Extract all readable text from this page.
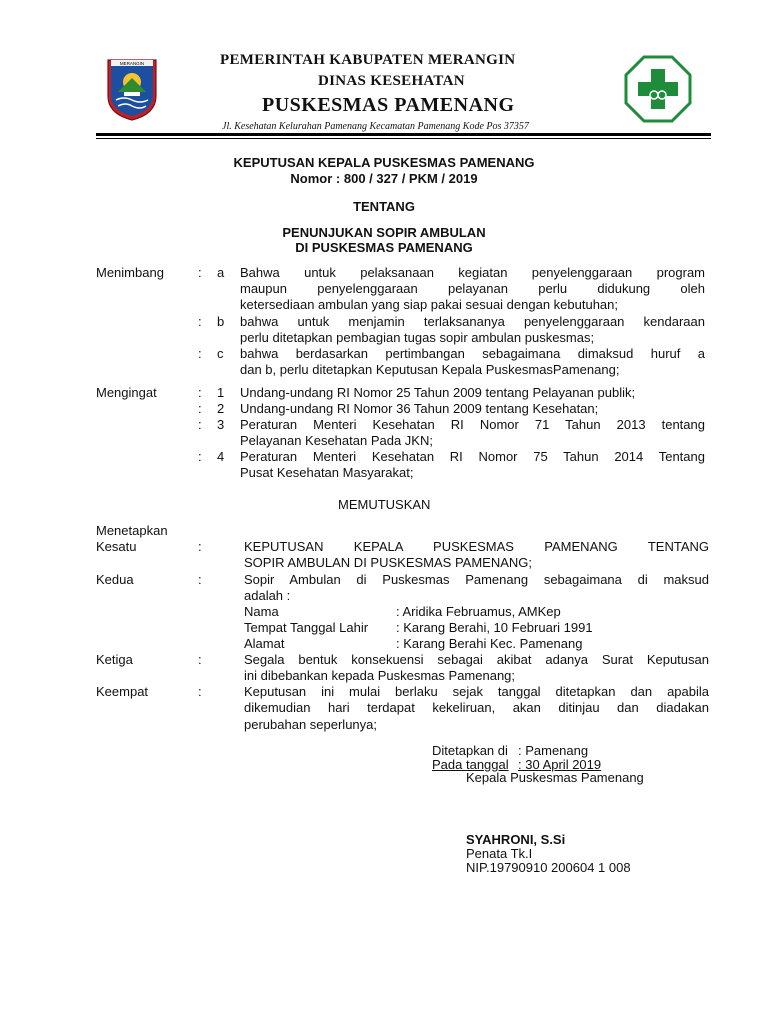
MERANGIN	PEMERINTAH KABUPATEN MERANGIN
DINAS KESEHATAN
PUSKESMAS PAMENANG
Jl. Kesehatan Kelurahan Pamenang Kecamatan Pamenang Kode Pos 37357
KEPUTUSAN KEPALA PUSKESMAS PAMENANG
Nomor : 800 / 327 / PKM / 2019
TENTANG
PENUNJUKAN SOPIR AMBULAN
DI PUSKESMAS PAMENANG
Menimbang	: a Bahwa untuk pelaksanaan kegiatan penyelenggaraan program
maupun penyelenggaraan pelayanan perlu didukung oleh
ketersediaan ambulan yang siap pakai sesuai dengan kebutuhan;
: b bahwa untuk menjamin terlaksananya penyelenggaraan kendaraan
perlu ditetapkan pembagian tugas sopir ambulan puskesmas;
: c bahwa berdasarkan pertimbangan sebagaimana dimaksud huruf a
dan b, perlu ditetapkan Keputusan Kepala PuskesmasPamenang;
Mengingat	: 1 Undang-undang RI Nomor 25 Tahun 2009 tentang Pelayanan publik;
: 2 Undang-undang RI Nomor 36 Tahun 2009 tentang Kesehatan;
: 3 Peraturan Menteri Kesehatan RI Nomor 71 Tahun 2013 tentang
Pelayanan Kesehatan Pada JKN;
: 4 Peraturan Menteri Kesehatan RI Nomor 75 Tahun 2014 Tentang
Pusat Kesehatan Masyarakat;
MEMUTUSKAN
Menetapkan
Kesatu	:	KEPUTUSAN KEPALA PUSKESMAS PAMENANG TENTANG
SOPIR AMBULAN DI PUSKESMAS PAMENANG;
Kedua	:	Sopir Ambulan di Puskesmas Pamenang sebagaimana di maksud
adalah :
Nama	: Aridika Februamus, AMKep
Tempat Tanggal Lahir : Karang Berahi, 10 Februari 1991
Alamat	: Karang Berahi Kec. Pamenang
Ketiga	:	Segala bentuk konsekuensi sebagai akibat adanya Surat Keputusan
ini dibebankan kepada Puskesmas Pamenang;
Keempat	:	Keputusan ini mulai berlaku sejak tanggal ditetapkan dan apabila
dikemudian hari terdapat kekeliruan, akan ditinjau dan diadakan
perubahan seperlunya;
Ditetapkan di : Pamenang
Pada tanggal : 30 April 2019
Kepala Puskesmas Pamenang
SYAHRONI, S.Si
Penata Tk.I
NIP.19790910 200604 1 008
